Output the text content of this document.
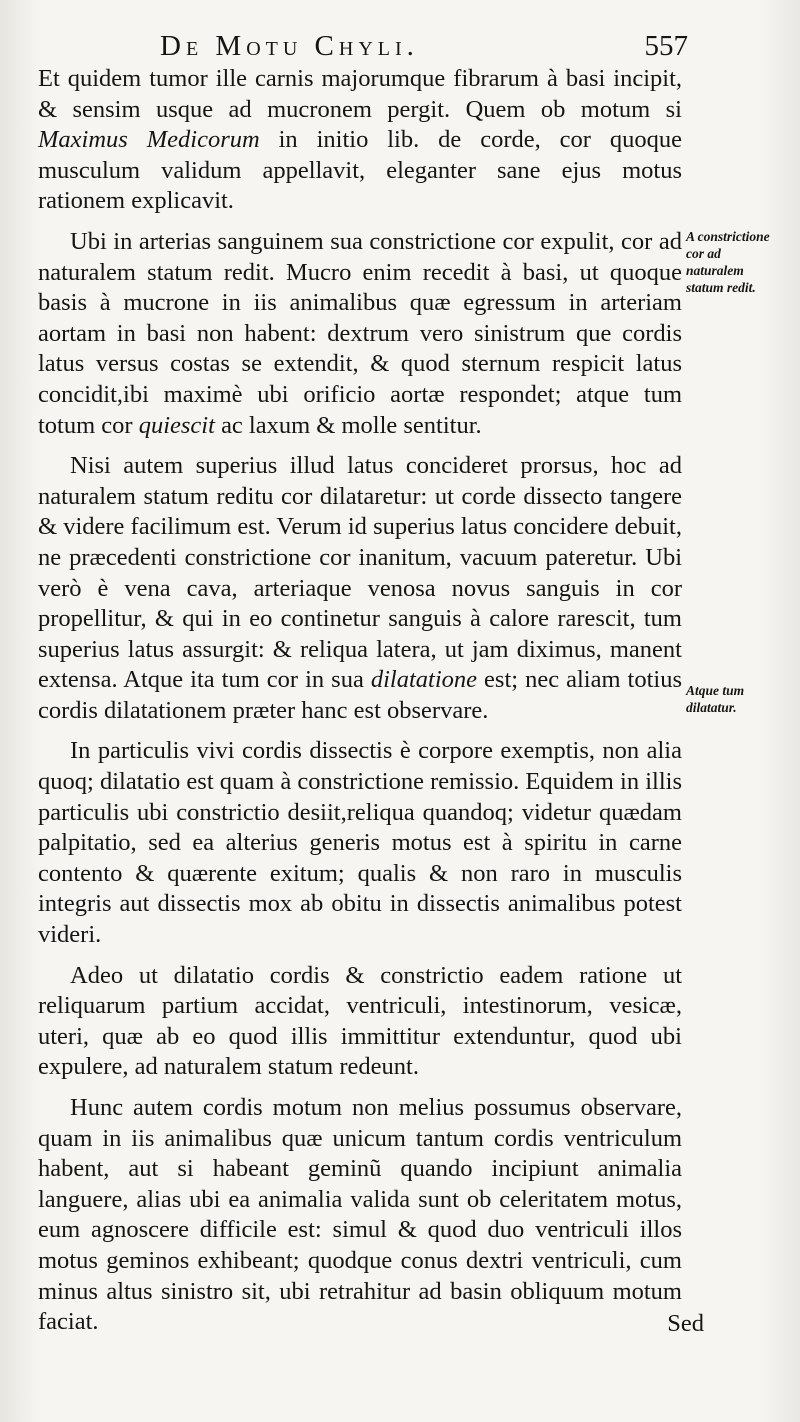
De Motu Chyli.	557

Et quidem tumor ille carnis majorumque fibrarum à basi incipit, & sensim usque ad mucronem pergit. Quem ob motum si Maximus Medicorum in initio lib. de corde, cor quoque musculum validum appellavit, eleganter sane ejus motus rationem explicavit.

Ubi in arterias sanguinem sua constrictione cor expulit, cor ad naturalem statum redit. Mucro enim recedit à basi, ut quoque basis à mucrone in iis animalibus quæ egressum in arteriam aortam in basi non habent: dextrum vero sinistrum que cordis latus versus costas se extendit, & quod sternum respicit latus concidit,ibi maximè ubi orificio aortæ respondet; atque tum totum cor quiescit ac laxum & molle sentitur.

Nisi autem superius illud latus concideret prorsus, hoc ad naturalem statum reditu cor dilataretur: ut corde dissecto tangere & videre facilimum est. Verum id superius latus concidere debuit, ne præcedenti constrictione cor inanitum, vacuum pateretur. Ubi verò è vena cava, arteriaque venosa novus sanguis in cor propellitur, & qui in eo continetur sanguis à calore rarescit, tum superius latus assurgit: & reliqua latera, ut jam diximus, manent extensa. Atque ita tum cor in sua dilatatione est; nec aliam totius cordis dilatationem præter hanc est observare.

In particulis vivi cordis dissectis è corpore exemptis, non alia quoq; dilatatio est quam à constrictione remissio. Equidem in illis particulis ubi constrictio desiit,reliqua quandoq; videtur quædam palpitatio, sed ea alterius generis motus est à spiritu in carne contento & quærente exitum; qualis & non raro in musculis integris aut dissectis mox ab obitu in dissectis animalibus potest videri.

Adeo ut dilatatio cordis & constrictio eadem ratione ut reliquarum partium accidat, ventriculi, intestinorum, vesicæ, uteri, quæ ab eo quod illis immittitur extenduntur, quod ubi expulere, ad naturalem statum redeunt.

Hunc autem cordis motum non melius possumus observare, quam in iis animalibus quæ unicum tantum cordis ventriculum habent, aut si habeant geminũ quando incipiunt animalia languere, alias ubi ea animalia valida sunt ob celeritatem motus, eum agnoscere difficile est: simul & quod duo ventriculi illos motus geminos exhibeant; quodque conus dextri ventriculi, cum minus altus sinistro sit, ubi retrahitur ad basin obliquum motum faciat.

A constrictione cor ad naturalem statum redit.
Atque tum dilatatur.
Sed
